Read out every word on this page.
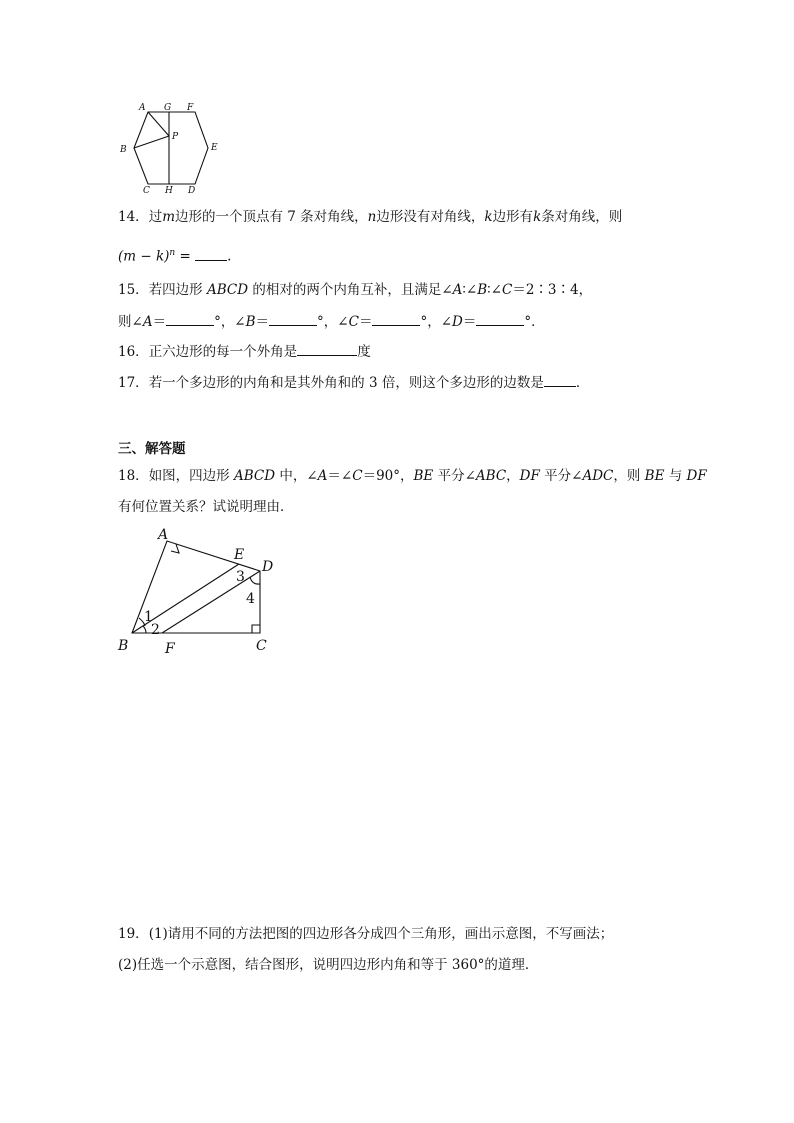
A G F
P
B	E
C H D
14．过m边形的一个顶点有 7 条对角线，n边形没有对角线，k边形有k条对角线，则
$(m - k)^n$ = .
15．若四边形 ABCD 的相对的两个内角互补，且满足∠A∶∠B∶∠C＝2∶3∶4，
则∠A＝	°，∠B＝	°，∠C＝	°，∠D＝	°．
16．正六边形的每一个外角是	度
17．若一个多边形的内角和是其外角和的 3 倍，则这个多边形的边数是 ．
三、解答题
18．如图，四边形 ABCD 中，∠A＝∠C＝90°，BE 平分∠ABC，DF 平分∠ADC，则 BE 与 DF
有何位置关系？试说明理由．
A
E
D
3
4
1
2
B	F	C
19．(1)请用不同的方法把图的四边形各分成四个三角形，画出示意图，不写画法；
(2)任选一个示意图，结合图形，说明四边形内角和等于 360°的道理．
